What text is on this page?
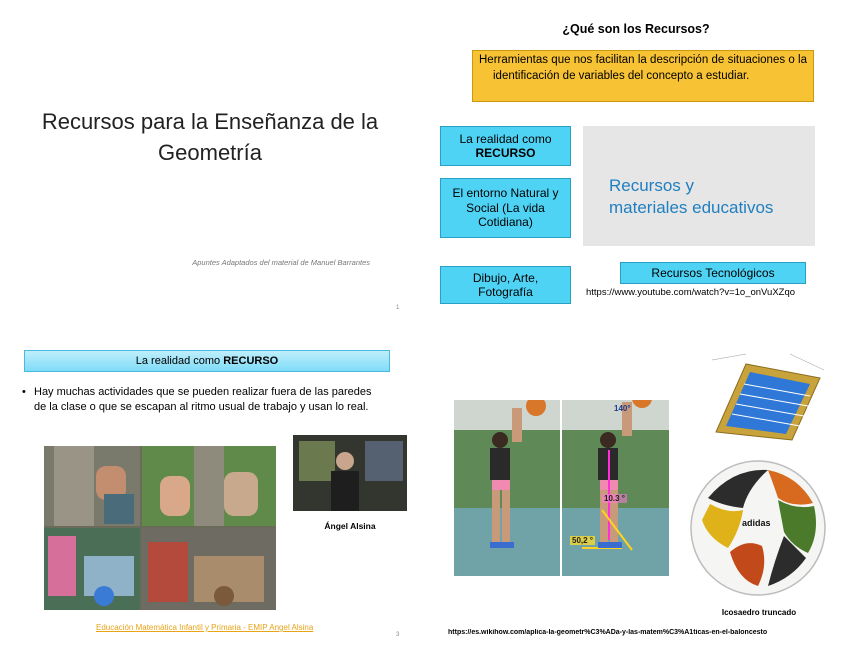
Recursos para la Enseñanza de la Geometría
Apuntes Adaptados del material de Manuel Barrantes
1
¿Qué son los Recursos?
Herramientas que nos facilitan la descripción de situaciones o la identificación de variables del concepto a estudiar.
La realidad como
RECURSO
El entorno Natural y Social (La vida Cotidiana)
Dibujo, Arte, Fotografía
Recursos y
materiales educativos
Recursos Tecnológicos
https://www.youtube.com/watch?v=1o_onVuXZqo
La realidad como RECURSO
• Hay muchas actividades que se pueden realizar fuera de las paredes de la clase o que se escapan al ritmo usual de trabajo y usan lo real.
Ángel Alsina
Educación Matemática Infantil y Primaria - EMIP Angel Alsina
3
140°
10.3 °
50,2 °
adidas
Icosaedro truncado
https://es.wikihow.com/aplica-la-geometr%C3%ADa-y-las-matem%C3%A1ticas-en-el-baloncesto
